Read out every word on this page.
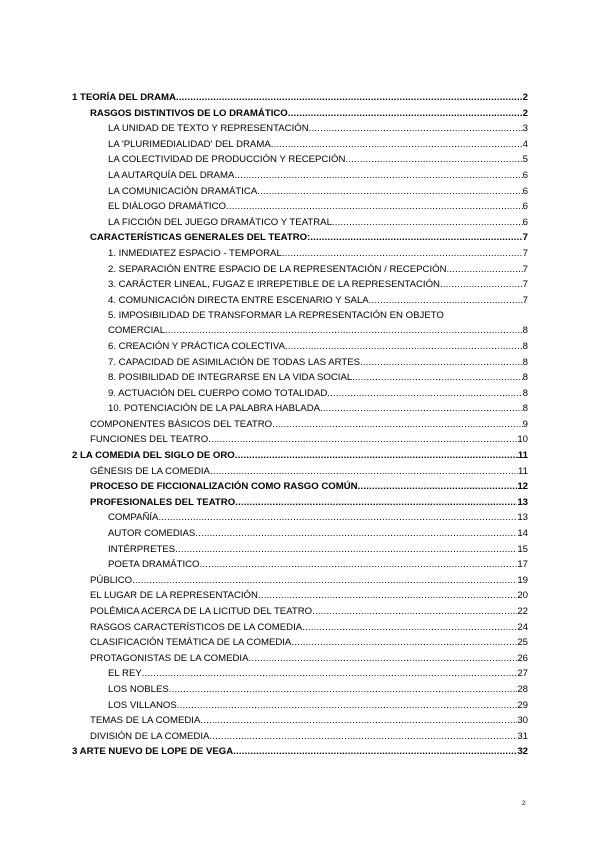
1 TEORÍA DEL DRAMA .....	2
RASGOS DISTINTIVOS DE LO DRAMÁTICO .....	2
LA UNIDAD DE TEXTO Y REPRESENTACIÓN .....	3
LA 'PLURIMEDIALIDAD' DEL DRAMA .....	4
LA COLECTIVIDAD DE PRODUCCIÓN Y RECEPCIÓN .....	5
LA AUTARQUÍA DEL DRAMA .....	6
LA COMUNICACIÓN DRAMÁTICA .....	6
EL DIÁLOGO DRAMÁTICO .....	6
LA FICCIÓN DEL JUEGO DRAMÁTICO Y TEATRAL .....	6
CARACTERÍSTICAS GENERALES DEL TEATRO: .....	7
1. INMEDIATEZ ESPACIO - TEMPORAL .....	7
2. SEPARACIÓN ENTRE ESPACIO DE LA REPRESENTACIÓN / RECEPCIÓN .....	7
3. CARÁCTER LINEAL, FUGAZ E IRREPETIBLE DE LA REPRESENTACIÓN .....	7
4. COMUNICACIÓN DIRECTA ENTRE ESCENARIO Y SALA .....	7
5. IMPOSIBILIDAD DE TRANSFORMAR LA REPRESENTACIÓN EN OBJETO
COMERCIAL .....	8
6. CREACIÓN Y PRÁCTICA COLECTIVA .....	8
7. CAPACIDAD DE ASIMILACIÓN DE TODAS LAS ARTES .....	8
8. POSIBILIDAD DE INTEGRARSE EN LA VIDA SOCIAL .....	8
9. ACTUACIÓN DEL CUERPO COMO TOTALIDAD .....	8
10. POTENCIACIÓN DE LA PALABRA HABLADA .....	8
COMPONENTES BÁSICOS DEL TEATRO .....	9
FUNCIONES DEL TEATRO .....	10
2 LA COMEDIA DEL SIGLO DE ORO .....	11
GÉNESIS DE LA COMEDIA .....	11
PROCESO DE FICCIONALIZACIÓN COMO RASGO COMÚN .....	12
PROFESIONALES DEL TEATRO .....	13
COMPAÑÍA .....	13
AUTOR COMEDIAS .....	14
INTÉRPRETES .....	15
POETA DRAMÁTICO .....	17
PÚBLICO .....	19
EL LUGAR DE LA REPRESENTACIÓN .....	20
POLÉMICA ACERCA DE LA LICITUD DEL TEATRO .....	22
RASGOS CARACTERÍSTICOS DE LA COMEDIA .....	24
CLASIFICACIÓN TEMÁTICA DE LA COMEDIA .....	25
PROTAGONISTAS DE LA COMEDIA .....	26
EL REY .....	27
LOS NOBLES .....	28
LOS VILLANOS .....	29
TEMAS DE LA COMEDIA .....	30
DIVISIÓN DE LA COMEDIA .....	31
3 ARTE NUEVO DE LOPE DE VEGA .....	32
2
